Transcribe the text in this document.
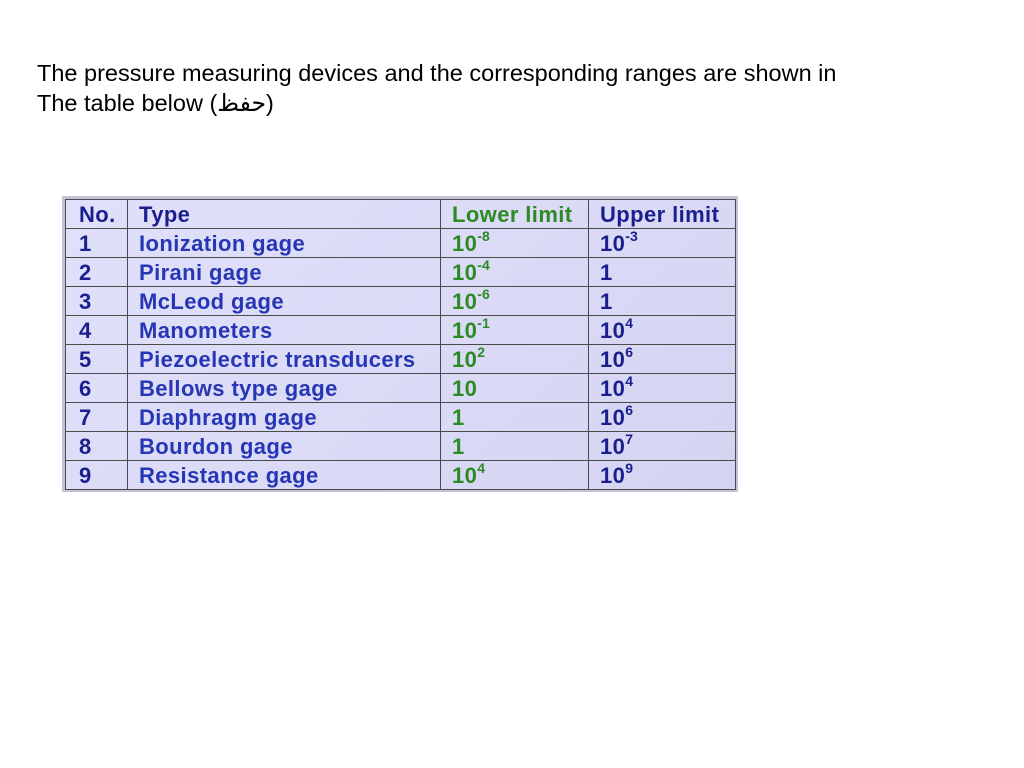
The pressure measuring devices and the corresponding ranges are shown in
The table below (حفظ)
No.	Type	Lower limit	Upper limit
1	Ionization gage	$10^{-8}$	$10^{-3}$
2	Pirani gage	$10^{-4}$	1
3	McLeod gage	$10^{-6}$	1
4	Manometers	$10^{-1}$	$10^4$
5	Piezoelectric transducers	$10^2$	$10^6$
6	Bellows type gage	10	$10^4$
7	Diaphragm gage	1	$10^6$
8	Bourdon gage	1	$10^7$
9	Resistance gage	$10^4$	$10^9$
